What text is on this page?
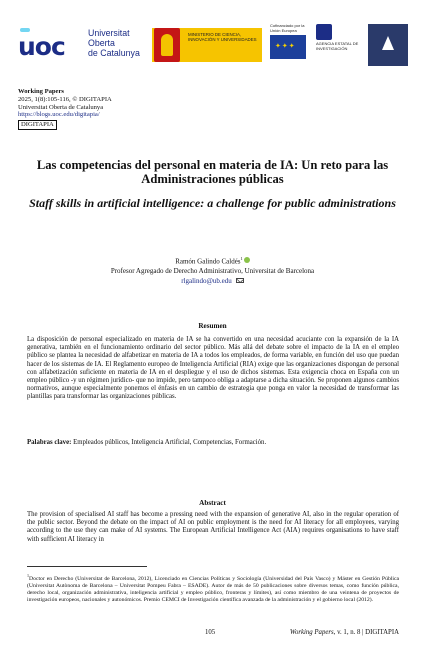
uoc	Universitat
Oberta
de Catalunya
MINISTERIO DE CIENCIA, INNOVACIÓN Y UNIVERSIDADES
Cofinanciado por la Unión Europea
✦✦✦
AGENCIA ESTATAL DE INVESTIGACIÓN
Working Papers
2025, 1(8):105-116, © DIGITAPIA
Universitat Oberta de Catalunya
https://blogs.uoc.edu/digitapia/
DIGITAPIA
Las competencias del personal en materia de IA: Un reto para las Administraciones públicas
Staff skills in artificial intelligence: a challenge for public administrations
Ramón Galindo Caldés$^1$
Profesor Agregado de Derecho Administrativo, Universitat de Barcelona
rlgalindo@ub.edu
Resumen
La disposición de personal especializado en materia de IA se ha convertido en una necesidad acuciante con la expansión de la IA generativa, también en el funcionamiento ordinario del sector público. Más allá del debate sobre el impacto de la IA en el empleo público se plantea la necesidad de alfabetizar en materia de IA a todos los empleados, de forma variable, en función del uso que puedan hacer de los sistemas de IA. El Reglamento europeo de Inteligencia Artificial (RIA) exige que las organizaciones dispongan de personal con alfabetización suficiente en materia de IA en el despliegue y el uso de dichos sistemas. Esta exigencia choca en España con un empleo público -y un régimen jurídico- que no impide, pero tampoco obliga a adaptarse a dicha situación. Se proponen algunos cambios normativos, aunque especialmente ponemos el énfasis en un cambio de estrategia que ponga en valor la necesidad de transformar las plantillas para transformar las organizaciones públicas.
Palabras clave: Empleados públicos, Inteligencia Artificial, Competencias, Formación.
Abstract
The provision of specialised AI staff has become a pressing need with the expansion of generative AI, also in the regular operation of the public sector. Beyond the debate on the impact of AI on public employment is the need for AI literacy for all employees, varying according to the use they can make of AI systems. The European Artificial Intelligence Act (AIA) requires organisations to have staff with sufficient AI literacy in
$^1$Doctor en Derecho (Universitat de Barcelona, 2012), Licenciado en Ciencias Políticas y Sociología (Universidad del País Vasco) y Máster en Gestión Pública (Universitat Autònoma de Barcelona – Universitat Pompeu Fabra – ESADE). Autor de más de 50 publicaciones sobre diversos temas, como función pública, derecho local, organización administrativa, inteligencia artificial y empleo público, fronteras y límites), así como miembro de una veintena de proyectos de investigación europeos, nacionales y autonómicos. Premio CEMCI de Investigación científica avanzada de la administración y el gobierno local (2012).
105	Working Papers, v. 1, n. 8 | DIGITAPIA
